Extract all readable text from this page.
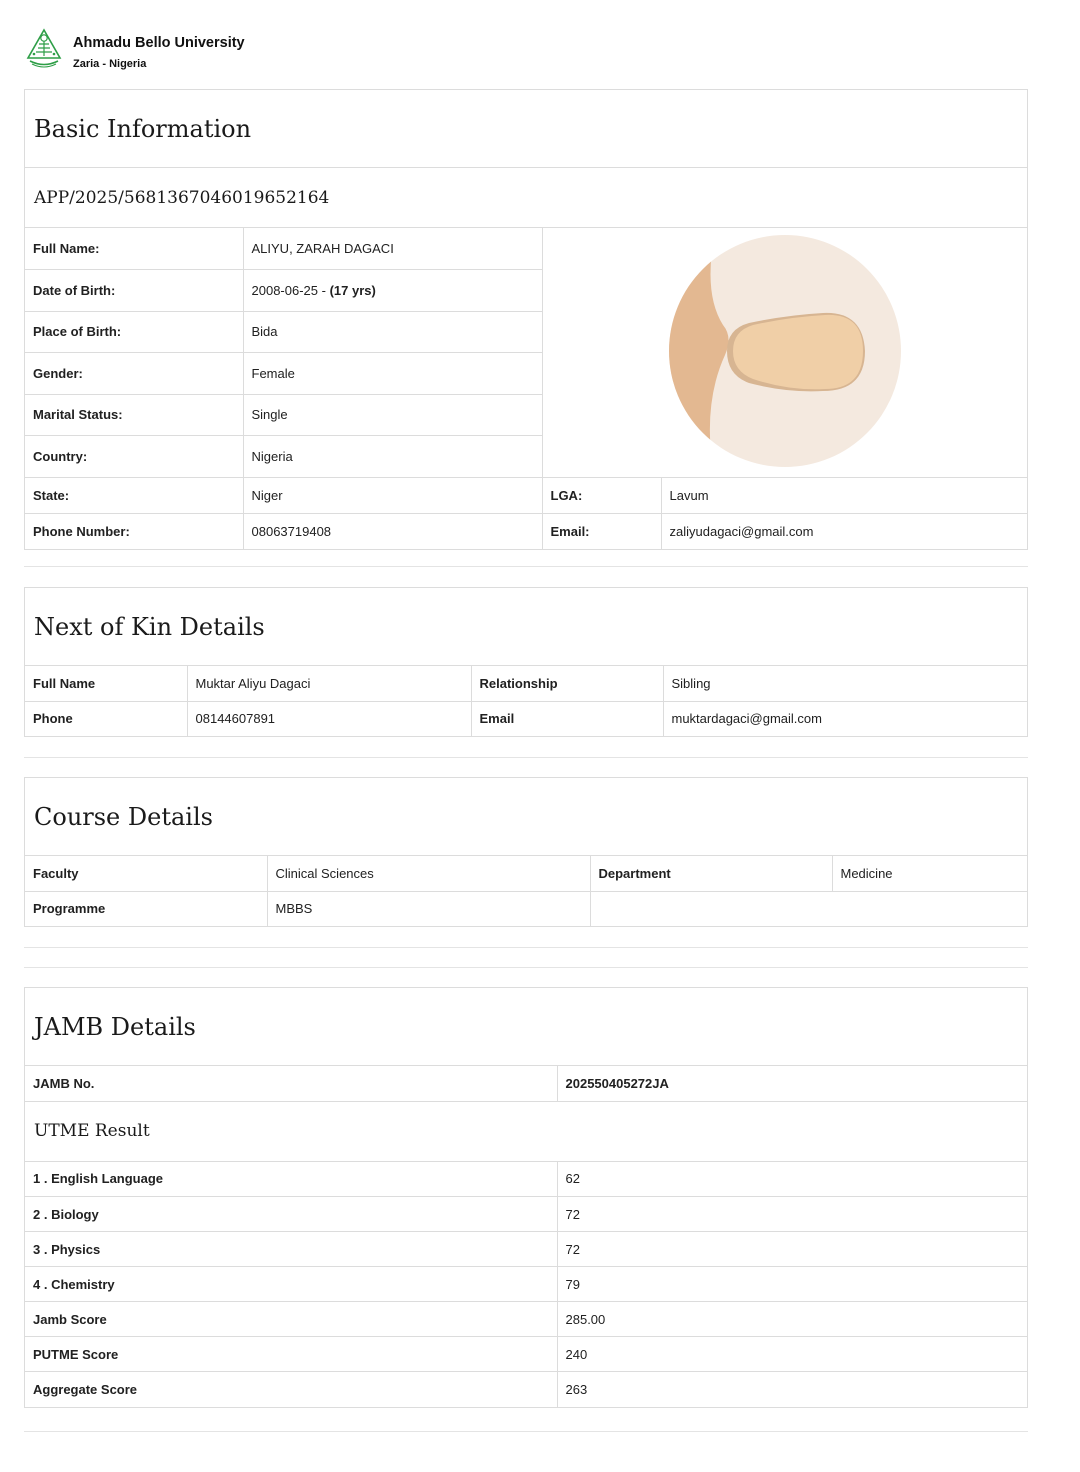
Ahmadu Bello University
Zaria - Nigeria
Basic Information
APP/2025/5681367046019652164
Full Name:	ALIYU, ZARAH DAGACI	
Date of Birth:	2008-06-25 - (17 yrs)		
Place of Birth:	Bida		
Gender:	Female		
Marital Status:	Single		
Country:	Nigeria		
State:	Niger	LGA:	Lavum
Phone Number:	08063719408	Email:	zaliyudagaci@gmail.com
Next of Kin Details
Full Name	Muktar Aliyu Dagaci	Relationship	Sibling
Phone	08144607891	Email	muktardagaci@gmail.com
Course Details
Faculty	Clinical Sciences	Department	Medicine
Programme	MBBS		
JAMB Details
JAMB No.	202550405272JA
UTME Result
1 . English Language	62
2 . Biology	72
3 . Physics	72
4 . Chemistry	79
Jamb Score	285.00
PUTME Score	240
Aggregate Score	263
